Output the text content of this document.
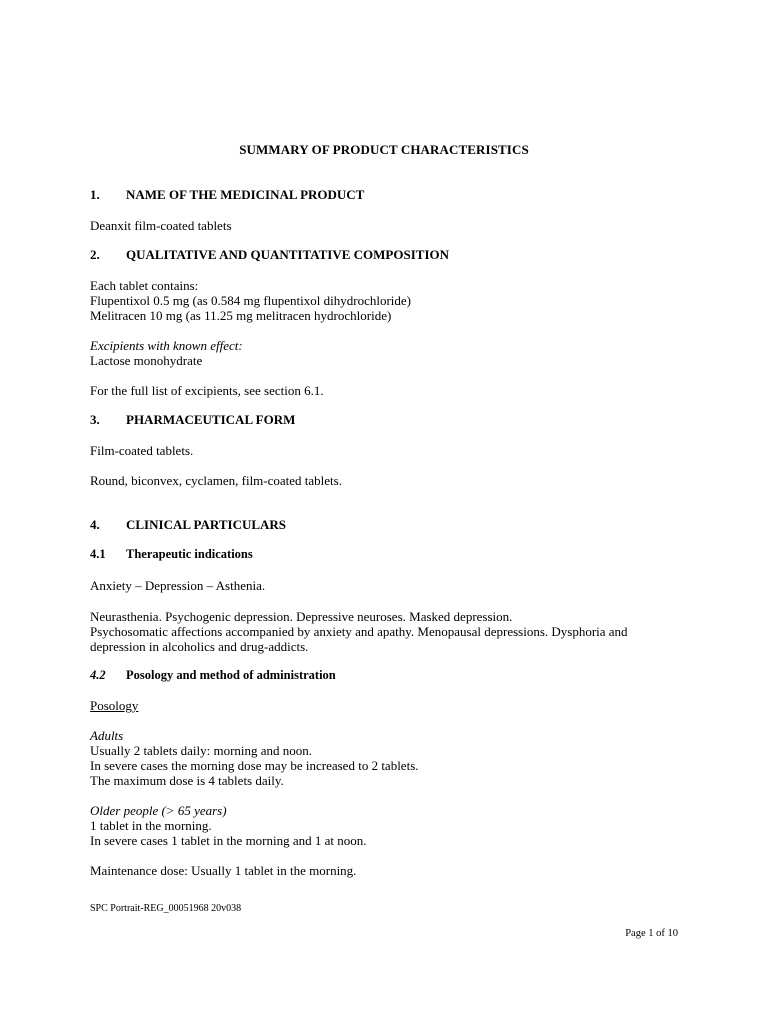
SUMMARY OF PRODUCT CHARACTERISTICS
1. NAME OF THE MEDICINAL PRODUCT
Deanxit film-coated tablets
2. QUALITATIVE AND QUANTITATIVE COMPOSITION
Each tablet contains:
Flupentixol 0.5 mg (as 0.584 mg flupentixol dihydrochloride)
Melitracen 10 mg (as 11.25 mg melitracen hydrochloride)
Excipients with known effect:
Lactose monohydrate
For the full list of excipients, see section 6.1.
3. PHARMACEUTICAL FORM
Film-coated tablets.
Round, biconvex, cyclamen, film-coated tablets.
4. CLINICAL PARTICULARS
4.1 Therapeutic indications
Anxiety – Depression – Asthenia.
Neurasthenia. Psychogenic depression. Depressive neuroses. Masked depression.
Psychosomatic affections accompanied by anxiety and apathy. Menopausal depressions. Dysphoria and
depression in alcoholics and drug-addicts.
4.2 Posology and method of administration
Posology
Adults
Usually 2 tablets daily: morning and noon.
In severe cases the morning dose may be increased to 2 tablets.
The maximum dose is 4 tablets daily.
Older people (> 65 years)
1 tablet in the morning.
In severe cases 1 tablet in the morning and 1 at noon.
Maintenance dose: Usually 1 tablet in the morning.
SPC Portrait-REG_00051968 20v038
Page 1 of 10
